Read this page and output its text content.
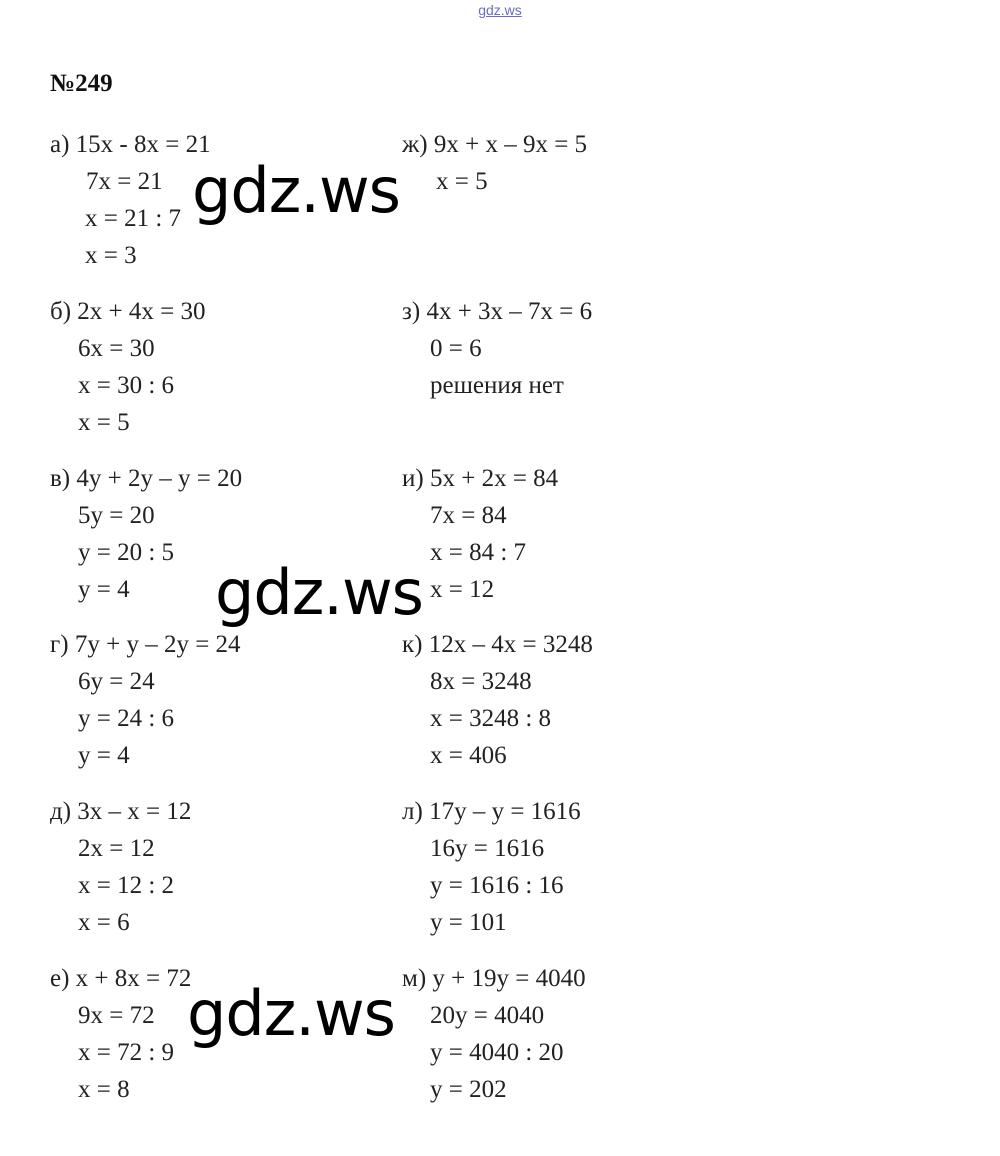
gdz.ws
№249
а) 15x - 8x = 21
7x = 21
x = 21 : 7
x = 3
б) 2x + 4x = 30
6x = 30
x = 30 : 6
x = 5
в) 4y + 2y – y = 20
5y = 20
y = 20 : 5
y = 4
г) 7y + y – 2y = 24
6y = 24
y = 24 : 6
y = 4
д) 3x – x = 12
2x = 12
x = 12 : 2
x = 6
е) x + 8x = 72
9x = 72
x = 72 : 9
x = 8
ж) 9x + x – 9x = 5
x = 5
з) 4x + 3x – 7x = 6
0 = 6
решения нет
и) 5x + 2x = 84
7x = 84
x = 84 : 7
x = 12
к) 12x – 4x = 3248
8x = 3248
x = 3248 : 8
x = 406
л) 17y – y = 1616
16y = 1616
y = 1616 : 16
y = 101
м) y + 19y = 4040
20y = 4040
y = 4040 : 20
y = 202
gdz.ws
gdz.ws
gdz.ws
